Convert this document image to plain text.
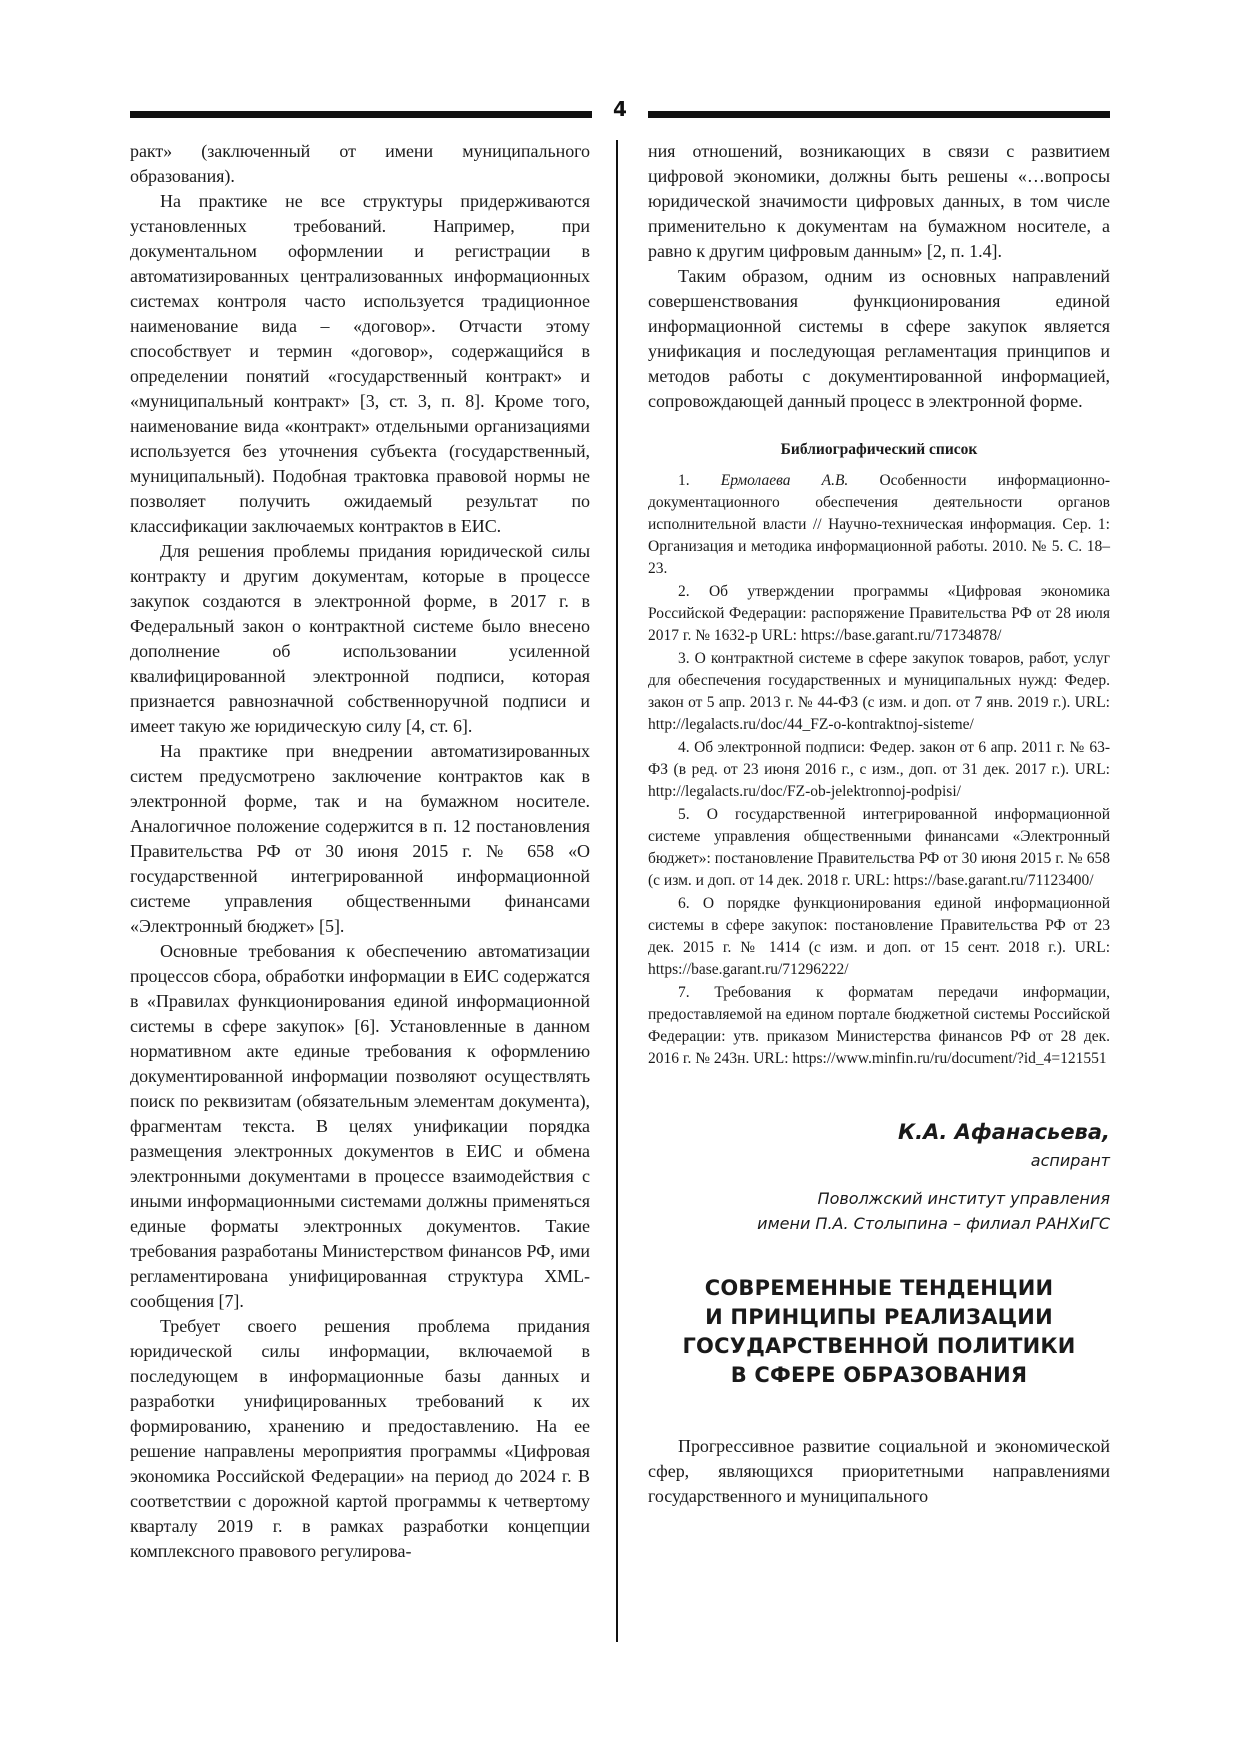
4

ракт» (заключенный от имени муниципального образования).

На практике не все структуры придерживаются установленных требований. Например, при документальном оформлении и регистрации в автоматизированных централизованных информационных системах контроля часто используется традиционное наименование вида – «договор». Отчасти этому способствует и термин «договор», содержащийся в определении понятий «государственный контракт» и «муниципальный контракт» [3, ст. 3, п. 8]. Кроме того, наименование вида «контракт» отдельными организациями используется без уточнения субъекта (государственный, муниципальный). Подобная трактовка правовой нормы не позволяет получить ожидаемый результат по классификации заключаемых контрактов в ЕИС.

Для решения проблемы придания юридической силы контракту и другим документам, которые в процессе закупок создаются в электронной форме, в 2017 г. в Федеральный закон о контрактной системе было внесено дополнение об использовании усиленной квалифицированной электронной подписи, которая признается равнозначной собственноручной подписи и имеет такую же юридическую силу [4, ст. 6].

На практике при внедрении автоматизированных систем предусмотрено заключение контрактов как в электронной форме, так и на бумажном носителе. Аналогичное положение содержится в п. 12 постановления Правительства РФ от 30 июня 2015 г. № 658 «О государственной интегрированной информационной системе управления общественными финансами «Электронный бюджет» [5].

Основные требования к обеспечению автоматизации процессов сбора, обработки информации в ЕИС содержатся в «Правилах функционирования единой информационной системы в сфере закупок» [6]. Установленные в данном нормативном акте единые требования к оформлению документированной информации позволяют осуществлять поиск по реквизитам (обязательным элементам документа), фрагментам текста. В целях унификации порядка размещения электронных документов в ЕИС и обмена электронными документами в процессе взаимодействия с иными информационными системами должны применяться единые форматы электронных документов. Такие требования разработаны Министерством финансов РФ, ими регламентирована унифицированная структура XML-сообщения [7].

Требует своего решения проблема придания юридической силы информации, включаемой в последующем в информационные базы данных и разработки унифицированных требований к их формированию, хранению и предоставлению. На ее решение направлены мероприятия программы «Цифровая экономика Российской Федерации» на период до 2024 г. В соответствии с дорожной картой программы к четвертому кварталу 2019 г. в рамках разработки концепции комплексного правового регулирова-

ния отношений, возникающих в связи с развитием цифровой экономики, должны быть решены «…вопросы юридической значимости цифровых данных, в том числе применительно к документам на бумажном носителе, а равно к другим цифровым данным» [2, п. 1.4].

Таким образом, одним из основных направлений совершенствования функционирования единой информационной системы в сфере закупок является унификация и последующая регламентация принципов и методов работы с документированной информацией, сопровождающей данный процесс в электронной форме.

Библиографический список
1. Ермолаева А.В. Особенности информационно-документационного обеспечения деятельности органов исполнительной власти // Научно-техническая информация. Сер. 1: Организация и методика информационной работы. 2010. № 5. С. 18–23.
2. Об утверждении программы «Цифровая экономика Российской Федерации: распоряжение Правительства РФ от 28 июля 2017 г. № 1632-р URL: https://base.garant.ru/71734878/
3. О контрактной системе в сфере закупок товаров, работ, услуг для обеспечения государственных и муниципальных нужд: Федер. закон от 5 апр. 2013 г. № 44-ФЗ (с изм. и доп. от 7 янв. 2019 г.). URL: http://legalacts.ru/doc/44_FZ-o-kontraktnoj-sisteme/
4. Об электронной подписи: Федер. закон от 6 апр. 2011 г. № 63-ФЗ (в ред. от 23 июня 2016 г., с изм., доп. от 31 дек. 2017 г.). URL: http://legalacts.ru/doc/FZ-ob-jelektronnoj-podpisi/
5. О государственной интегрированной информационной системе управления общественными финансами «Электронный бюджет»: постановление Правительства РФ от 30 июня 2015 г. № 658 (с изм. и доп. от 14 дек. 2018 г. URL: https://base.garant.ru/71123400/
6. О порядке функционирования единой информационной системы в сфере закупок: постановление Правительства РФ от 23 дек. 2015 г. № 1414 (с изм. и доп. от 15 сент. 2018 г.). URL: https://base.garant.ru/71296222/
7. Требования к форматам передачи информации, предоставляемой на едином портале бюджетной системы Российской Федерации: утв. приказом Министерства финансов РФ от 28 дек. 2016 г. № 243н. URL: https://www.minfin.ru/ru/document/?id_4=121551
К.А. Афанасьева,
аспирант
Поволжский институт управления
имени П.А. Столыпина – филиал РАНХиГС
СОВРЕМЕННЫЕ ТЕНДЕНЦИИ
И ПРИНЦИПЫ РЕАЛИЗАЦИИ
ГОСУДАРСТВЕННОЙ ПОЛИТИКИ
В СФЕРЕ ОБРАЗОВАНИЯ

Прогрессивное развитие социальной и экономической сфер, являющихся приоритетными направлениями государственного и муниципального
